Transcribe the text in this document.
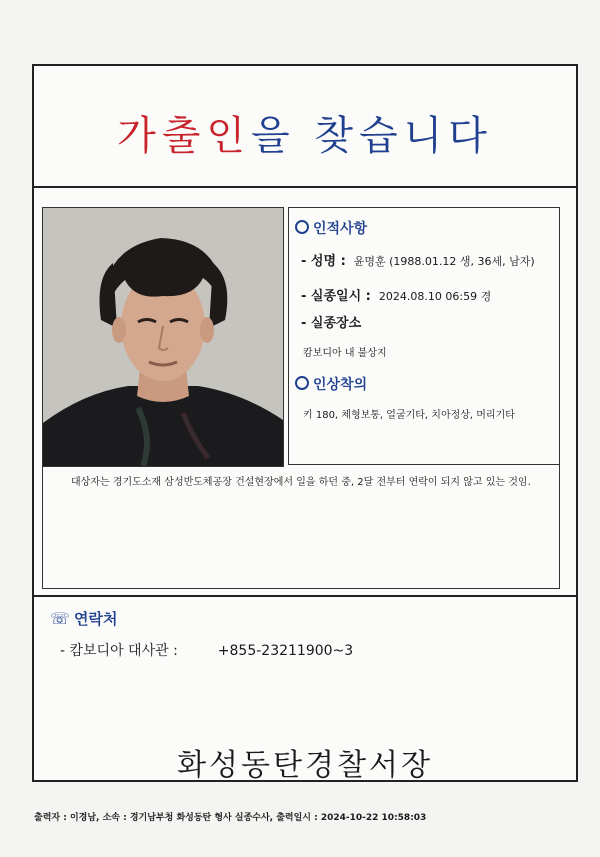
가출인을 찾습니다
인적사항
- 성명 : 윤명훈 (1988.01.12 생, 36세, 남자)
- 실종일시 : 2024.08.10 06:59 경
- 실종장소
캄보디아 내 불상지
인상착의
키 180, 체형보통, 얼굴기타, 치아정상, 머리기타
대상자는 경기도소재 삼성반도체공장 건설현장에서 일을 하던 중, 2달 전부터 연락이 되지 않고 있는 것임.
☏ 연락처
- 캄보디아 대사관 :	+855-23211900~3
화성동탄경찰서장
출력자 : 이경남, 소속 : 경기남부청 화성동탄 형사 실종수사, 출력일시 : 2024-10-22 10:58:03
